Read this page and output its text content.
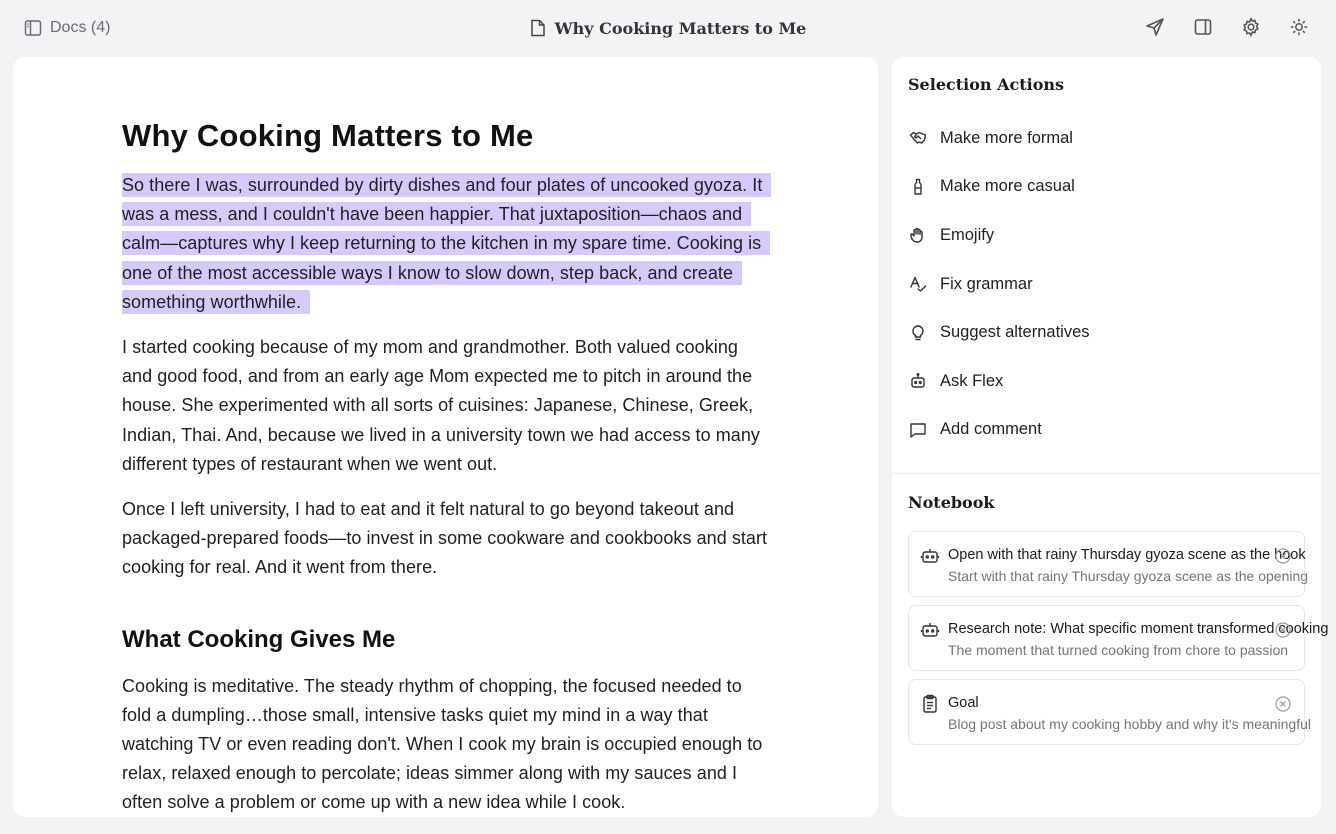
Docs (4)	Why Cooking Matters to Me
Why Cooking Matters to Me

So there I was, surrounded by dirty dishes and four plates of uncooked gyoza. It was a mess, and I couldn't have been happier. That juxtaposition—chaos and calm—captures why I keep returning to the kitchen in my spare time. Cooking is one of the most accessible ways I know to slow down, step back, and create something worthwhile.

I started cooking because of my mom and grandmother. Both valued cooking and good food, and from an early age Mom expected me to pitch in around the house. She experimented with all sorts of cuisines: Japanese, Chinese, Greek, Indian, Thai. And, because we lived in a university town we had access to many different types of restaurant when we went out.

Once I left university, I had to eat and it felt natural to go beyond takeout and packaged-prepared foods—to invest in some cookware and cookbooks and start cooking for real. And it went from there.

What Cooking Gives Me

Cooking is meditative. The steady rhythm of chopping, the focused needed to fold a dumpling…those small, intensive tasks quiet my mind in a way that watching TV or even reading don't. When I cook my brain is occupied enough to relax, relaxed enough to percolate; ideas simmer along with my sauces and I often solve a problem or come up with a new idea while I cook.

Selection Actions
Make more formal
Make more casual
Emojify
Fix grammar
Suggest alternatives
Ask Flex
Add comment
Notebook
Open with that rainy Thursday gyoza scene as the hook
Start with that rainy Thursday gyoza scene as the opening
Research note: What specific moment transformed cooking
The moment that turned cooking from chore to passion
Goal
Blog post about my cooking hobby and why it's meaningful
